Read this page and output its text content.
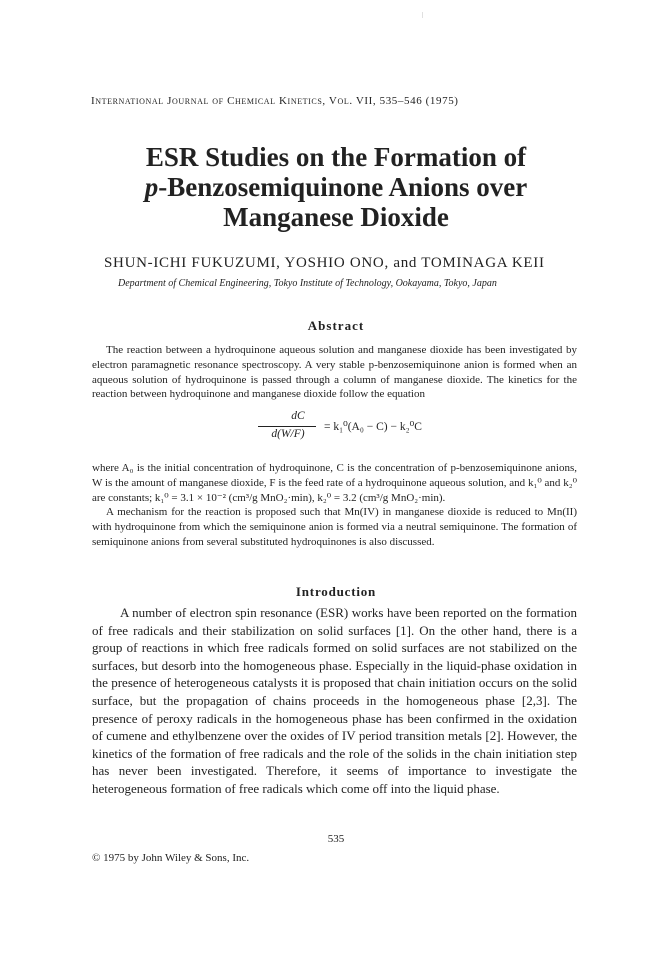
International Journal of Chemical Kinetics, Vol. VII, 535–546 (1975)
ESR Studies on the Formation of
p-Benzosemiquinone Anions over
Manganese Dioxide
SHUN-ICHI FUKUZUMI, YOSHIO ONO, and TOMINAGA KEII
Department of Chemical Engineering, Tokyo Institute of Technology, Ookayama, Tokyo, Japan
Abstract
The reaction between a hydroquinone aqueous solution and manganese dioxide has been investigated by electron paramagnetic resonance spectroscopy. A very stable p-benzosemiquinone anion is formed when an aqueous solution of hydroquinone is passed through a column of manganese dioxide. The kinetics for the reaction between hydroquinone and manganese dioxide follow the equation
dC
d(W/F)
= k₁⁰(A₀ − C) − k₂⁰C
where A₀ is the initial concentration of hydroquinone, C is the concentration of p-benzosemiquinone anions, W is the amount of manganese dioxide, F is the feed rate of a hydroquinone aqueous solution, and k₁⁰ and k₂⁰ are constants; k₁⁰ = 3.1 × 10⁻² (cm³/g MnO₂·min), k₂⁰ = 3.2 (cm³/g MnO₂·min).
A mechanism for the reaction is proposed such that Mn(IV) in manganese dioxide is reduced to Mn(II) with hydroquinone from which the semiquinone anion is formed via a neutral semiquinone. The formation of semiquinone anions from several substituted hydroquinones is also discussed.
Introduction

A number of electron spin resonance (ESR) works have been reported on the formation of free radicals and their stabilization on solid surfaces [1]. On the other hand, there is a group of reactions in which free radicals formed on solid surfaces are not stabilized on the surfaces, but desorb into the homogeneous phase. Especially in the liquid-phase oxidation in the presence of heterogeneous catalysts it is proposed that chain initiation occurs on the solid surface, but the propagation of chains proceeds in the homogeneous phase [2,3]. The presence of peroxy radicals in the homogeneous phase has been confirmed in the oxidation of cumene and ethylbenzene over the oxides of IV period transition metals [2]. However, the kinetics of the formation of free radicals and the role of the solids in the chain initiation step has never been investigated. Therefore, it seems of importance to investigate the heterogeneous formation of free radicals which come off into the liquid phase.

535
© 1975 by John Wiley & Sons, Inc.
